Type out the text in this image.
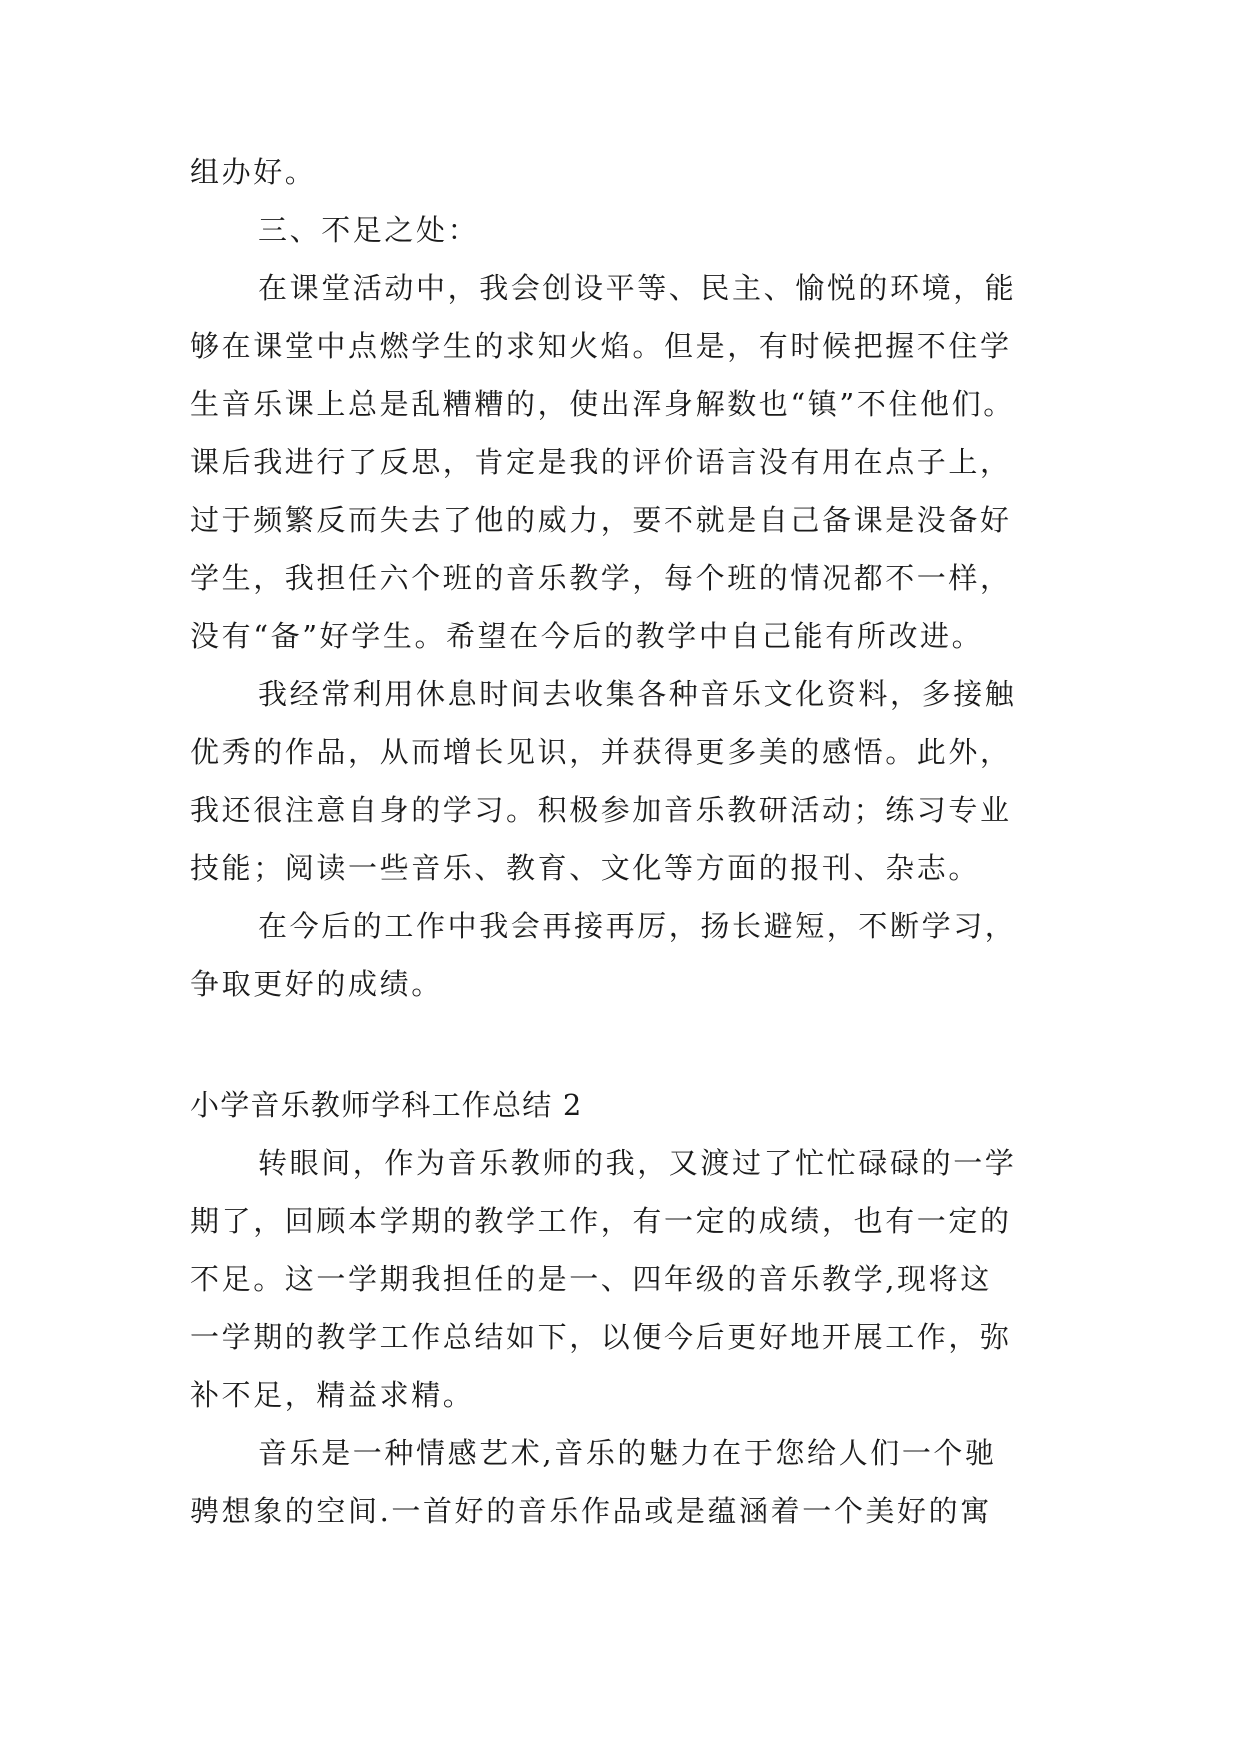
组办好。
三、不足之处：
在课堂活动中，我会创设平等、民主、愉悦的环境，能
够在课堂中点燃学生的求知火焰。但是，有时候把握不住学
生音乐课上总是乱糟糟的，使出浑身解数也“镇”不住他们。
课后我进行了反思，肯定是我的评价语言没有用在点子上，
过于频繁反而失去了他的威力，要不就是自己备课是没备好
学生，我担任六个班的音乐教学，每个班的情况都不一样，
没有“备”好学生。希望在今后的教学中自己能有所改进。
我经常利用休息时间去收集各种音乐文化资料，多接触
优秀的作品，从而增长见识，并获得更多美的感悟。此外，
我还很注意自身的学习。积极参加音乐教研活动；练习专业
技能；阅读一些音乐、教育、文化等方面的报刊、杂志。
在今后的工作中我会再接再厉，扬长避短，不断学习，
争取更好的成绩。
小学音乐教师学科工作总结 2
转眼间，作为音乐教师的我，又渡过了忙忙碌碌的一学
期了，回顾本学期的教学工作，有一定的成绩，也有一定的
不足。这一学期我担任的是一、四年级的音乐教学,现将这
一学期的教学工作总结如下，以便今后更好地开展工作，弥
补不足，精益求精。
音乐是一种情感艺术,音乐的魅力在于您给人们一个驰
骋想象的空间.一首好的音乐作品或是蕴涵着一个美好的寓
